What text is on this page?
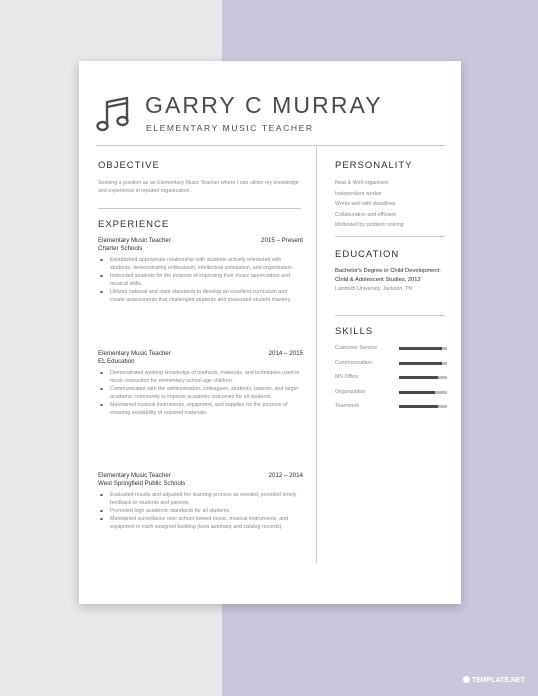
GARRY C MURRAY
ELEMENTARY MUSIC TEACHER
OBJECTIVE
Seeking a position as an Elementary Music Teacher where I can utilize my knowledge and experience in reputed organization.
EXPERIENCE
Elementary Music Teacher	2015 – Present
Charter Schools
Established appropriate relationship with students actively interacted with students, demonstrating enthusiasm, intellectual stimulation, and organization.
Instructed students for the purpose of improving their music appreciation and musical skills.
Utilized national and state standards to develop an excellent curriculum and create assessments that challenged students and measured student mastery.
Elementary Music Teacher	2014 – 2015
EL Education
Demonstrated working knowledge of methods, materials, and techniques used in music instruction for elementary school age children.
Communicated with the administration, colleagues, students, parents, and larger academic community to improve academic outcomes for all students.
Maintained musical instruments, equipment, and supplies for the purpose of ensuring availability of required materials.
Elementary Music Teacher	2012 – 2014
West Springfield Public Schools
Evaluated results and adjusted the learning process as needed, provided timely feedback to students and parents.
Promoted high academic standards for all students.
Maintained surveillance over school-owned music, musical instruments, and equipment in each assigned building (tuna autoharp and catalog records).
PERSONALITY
Neat & Well-organized
Independent worker
Works well with deadlines
Collaborative and efficient
Motivated by problem solving
EDUCATION
Bachelor's Degree in Child Development: Child & Adolescent Studies, 2012
Lambuth University, Jackson, TN
SKILLS
Customer Service
Communication
MS Office
Organization
Teamwork
TEMPLATE.NET
